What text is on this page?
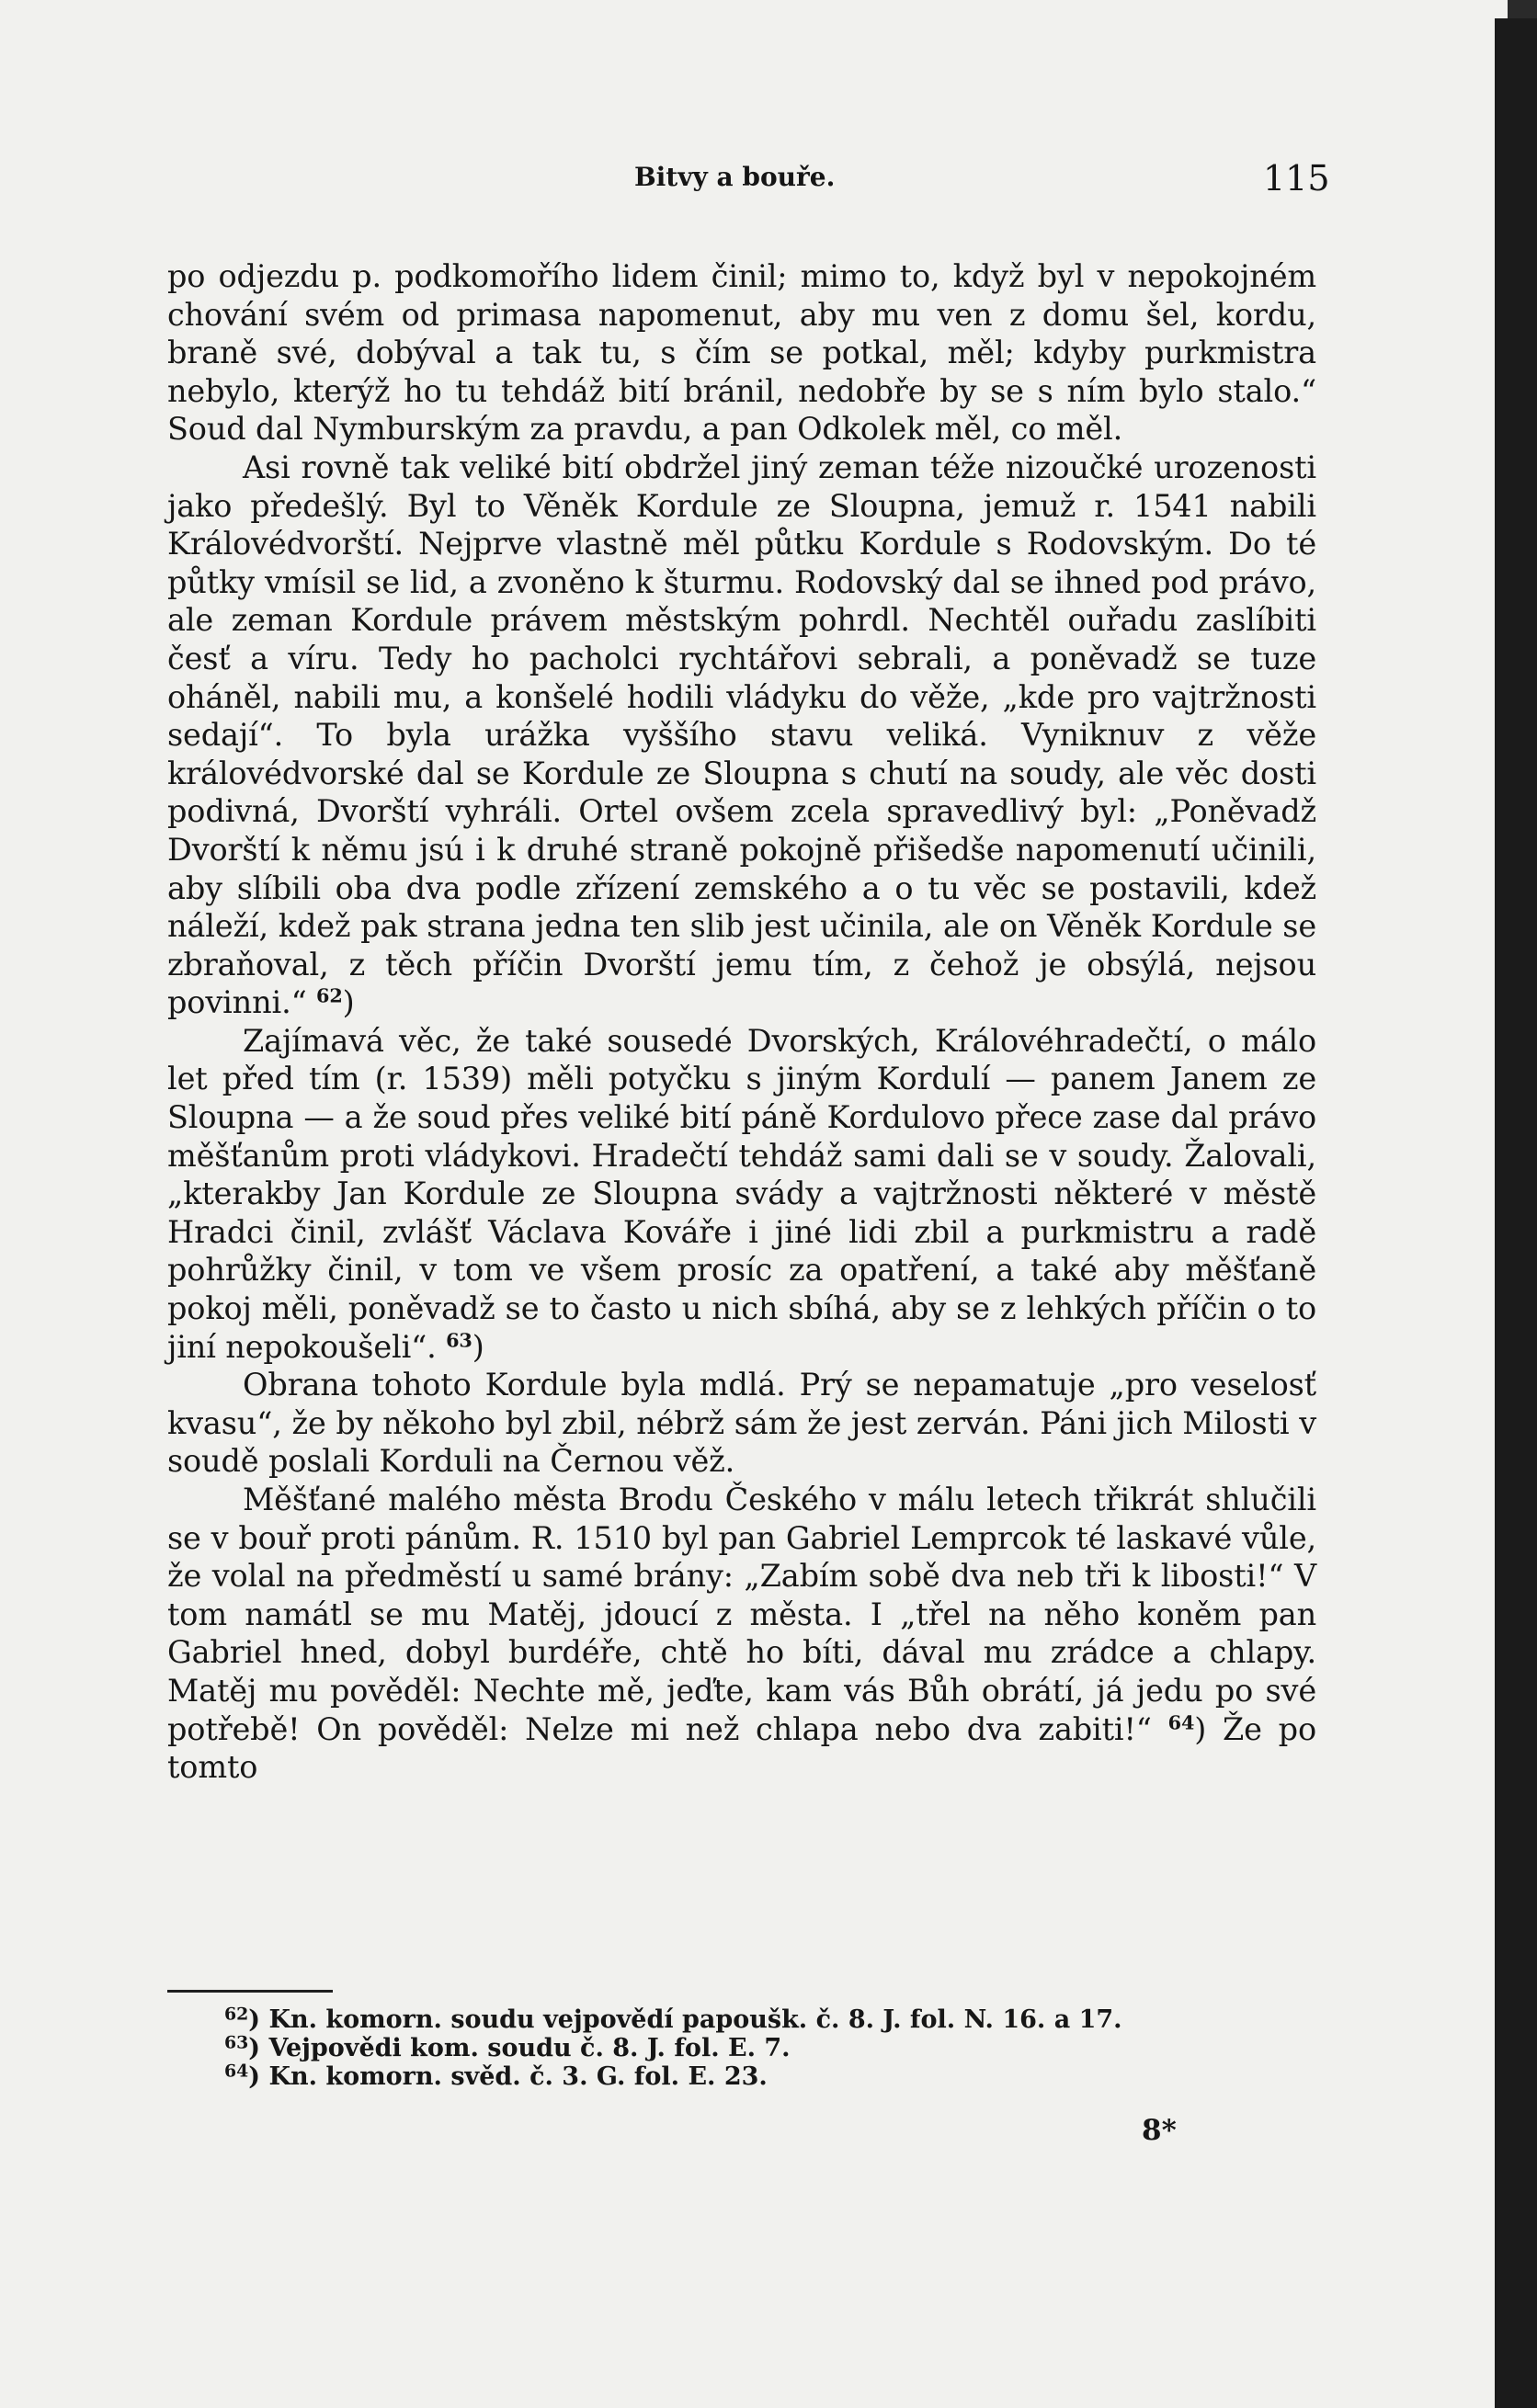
Bitvy a bouře.	115

po odjezdu p. podkomořího lidem činil; mimo to, když byl v nepokojném chování svém od primasa napomenut, aby mu ven z domu šel, kordu, braně své, dobýval a tak tu, s čím se potkal, měl; kdyby purkmistra nebylo, kterýž ho tu tehdáž bití bránil, nedobře by se s ním bylo stalo.“ Soud dal Nymburským za pravdu, a pan Odkolek měl, co měl.

Asi rovně tak veliké bití obdržel jiný zeman téže nizoučké urozenosti jako předešlý. Byl to Věněk Kordule ze Sloupna, jemuž r. 1541 nabili Královédvorští. Nejprve vlastně měl půtku Kordule s Rodovským. Do té půtky vmísil se lid, a zvoněno k šturmu. Rodovský dal se ihned pod právo, ale zeman Kordule právem městským pohrdl. Nechtěl ouřadu zaslíbiti česť a víru. Tedy ho pacholci rychtářovi sebrali, a poněvadž se tuze oháněl, nabili mu, a konšelé hodili vládyku do věže, „kde pro vajtržnosti sedají“. To byla urážka vyššího stavu veliká. Vyniknuv z věže královédvorské dal se Kordule ze Sloupna s chutí na soudy, ale věc dosti podivná, Dvorští vyhráli. Ortel ovšem zcela spravedlivý byl: „Poněvadž Dvorští k němu jsú i k druhé straně pokojně přišedše napomenutí učinili, aby slíbili oba dva podle zřízení zemského a o tu věc se postavili, kdež náleží, kdež pak strana jedna ten slib jest učinila, ale on Věněk Kordule se zbraňoval, z těch příčin Dvorští jemu tím, z čehož je obsýlá, nejsou povinni.“ $^{62}$)

Zajímavá věc, že také sousedé Dvorských, Královéhradečtí, o málo let před tím (r. 1539) měli potyčku s jiným Kordulí — panem Janem ze Sloupna — a že soud přes veliké bití páně Kordulovo přece zase dal právo měšťanům proti vládykovi. Hradečtí tehdáž sami dali se v soudy. Žalovali, „kterakby Jan Kordule ze Sloupna svády a vajtržnosti některé v městě Hradci činil, zvlášť Václava Kováře i jiné lidi zbil a purkmistru a radě pohrůžky činil, v tom ve všem prosíc za opatření, a také aby měšťaně pokoj měli, poněvadž se to často u nich sbíhá, aby se z lehkých příčin o to jiní nepokoušeli“. $^{63}$)

Obrana tohoto Kordule byla mdlá. Prý se nepamatuje „pro veselosť kvasu“, že by někoho byl zbil, nébrž sám že jest zerván. Páni jich Milosti v soudě poslali Korduli na Černou věž.

Měšťané malého města Brodu Českého v málu letech třikrát shlučili se v bouř proti pánům. R. 1510 byl pan Gabriel Lemprcok té laskavé vůle, že volal na předměstí u samé brány: „Zabím sobě dva neb tři k libosti!“ V tom namátl se mu Matěj, jdoucí z města. I „třel na něho koněm pan Gabriel hned, dobyl burdéře, chtě ho bíti, dával mu zrádce a chlapy. Matěj mu pověděl: Nechte mě, jeďte, kam vás Bůh obrátí, já jedu po své potřebě! On pověděl: Nelze mi než chlapa nebo dva zabiti!“ $^{64}$) Že po tomto

$^{62}$) Kn. komorn. soudu vejpovědí papoušk. č. 8. J. fol. N. 16. a 17.
$^{63}$) Vejpovědi kom. soudu č. 8. J. fol. E. 7.
$^{64}$) Kn. komorn. svěd. č. 3. G. fol. E. 23.
8*
